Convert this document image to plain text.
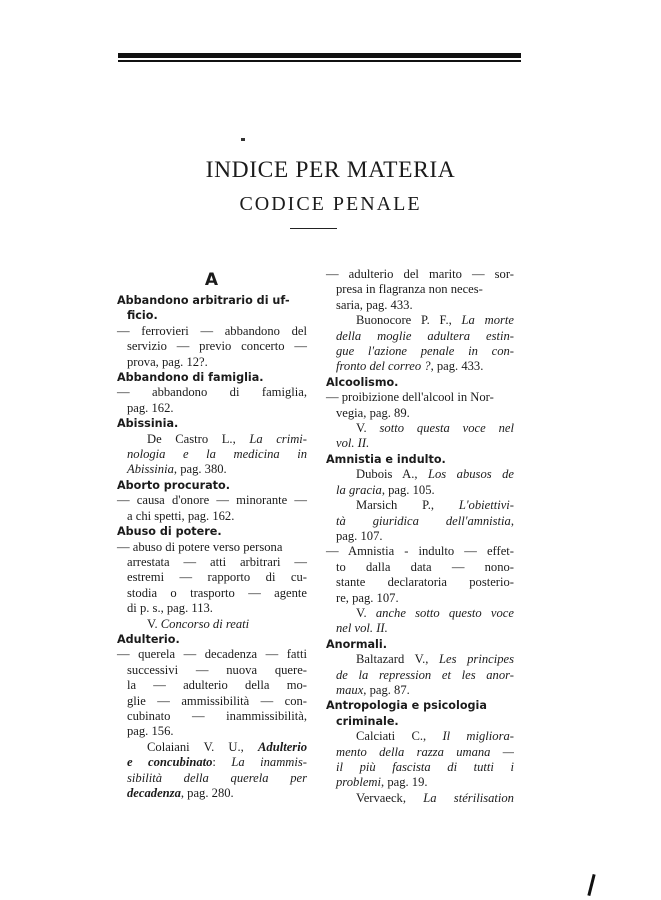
INDICE PER MATERIA
CODICE PENALE
A
Abbandono arbitrario di uf-
ficio.
— ferrovieri — abbandono del
servizio — previo concerto —
prova, pag. 12?.
Abbandono di famiglia.
— abbandono di famiglia,
pag. 162.
Abissinia.
De Castro L., La crimi-
nologia e la medicina in
Abissinia, pag. 380.
Aborto procurato.
— causa d'onore — minorante —
a chi spetti, pag. 162.
Abuso di potere.
— abuso di potere verso persona
arrestata — atti arbitrari —
estremi — rapporto di cu-
stodia o trasporto — agente
di p. s., pag. 113.
V. Concorso di reati
Adulterio.
— querela — decadenza — fatti
successivi — nuova quere-
la — adulterio della mo-
glie — ammissibilità — con-
cubinato — inammissibilità,
pag. 156.
Colaiani V. U., Adulterio
e concubinato: La inammis-
sibilità della querela per
decadenza, pag. 280.
— adulterio del marito — sor-
presa in flagranza non neces-
saria, pag. 433.
Buonocore P. F., La morte
della moglie adultera estin-
gue l'azione penale in con-
fronto del correo ?, pag. 433.
Alcoolismo.
— proibizione dell'alcool in Nor-
vegia, pag. 89.
V. sotto questa voce nel
vol. II.
Amnistia e indulto.
Dubois A., Los abusos de
la gracia, pag. 105.
Marsich P., L'obiettivi-
tà giuridica dell'amnistia,
pag. 107.
— Amnistia - indulto — effet-
to dalla data — nono-
stante declaratoria posterio-
re, pag. 107.
V. anche sotto questo voce
nel vol. II.
Anormali.
Baltazard V., Les principes
de la repression et les anor-
maux, pag. 87.
Antropologia e psicologia
criminale.
Calciati C., Il migliora-
mento della razza umana —
il più fascista di tutti i
problemi, pag. 19.
Vervaeck, La stérilisation
